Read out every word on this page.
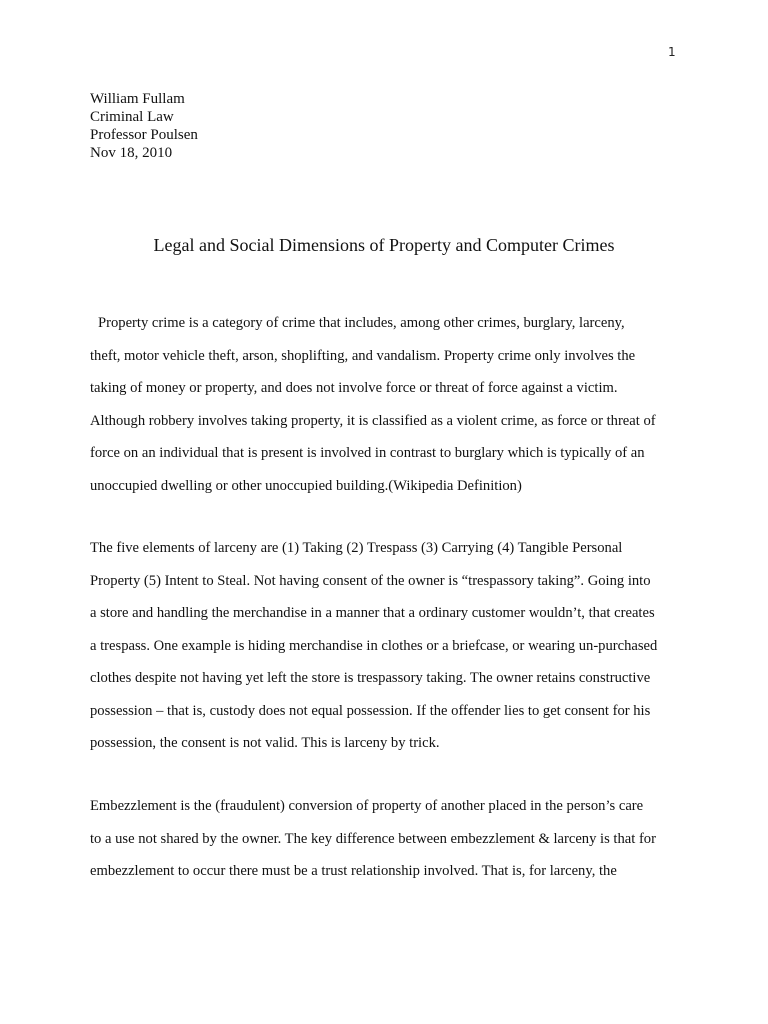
1
William Fullam
Criminal Law
Professor Poulsen
Nov 18, 2010
Legal and Social Dimensions of Property and Computer Crimes
Property crime is a category of crime that includes, among other crimes, burglary, larceny,
theft, motor vehicle theft, arson, shoplifting, and vandalism. Property crime only involves the
taking of money or property, and does not involve force or threat of force against a victim.
Although robbery involves taking property, it is classified as a violent crime, as force or threat of
force on an individual that is present is involved in contrast to burglary which is typically of an
unoccupied dwelling or other unoccupied building.(Wikipedia Definition)
The five elements of larceny are (1) Taking (2) Trespass (3) Carrying (4) Tangible Personal
Property (5) Intent to Steal. Not having consent of the owner is “trespassory taking”. Going into
a store and handling the merchandise in a manner that a ordinary customer wouldn’t, that creates
a trespass. One example is hiding merchandise in clothes or a briefcase, or wearing un-purchased
clothes despite not having yet left the store is trespassory taking. The owner retains constructive
possession – that is, custody does not equal possession. If the offender lies to get consent for his
possession, the consent is not valid. This is larceny by trick.
Embezzlement is the (fraudulent) conversion of property of another placed in the person’s care
to a use not shared by the owner. The key difference between embezzlement & larceny is that for
embezzlement to occur there must be a trust relationship involved. That is, for larceny, the
